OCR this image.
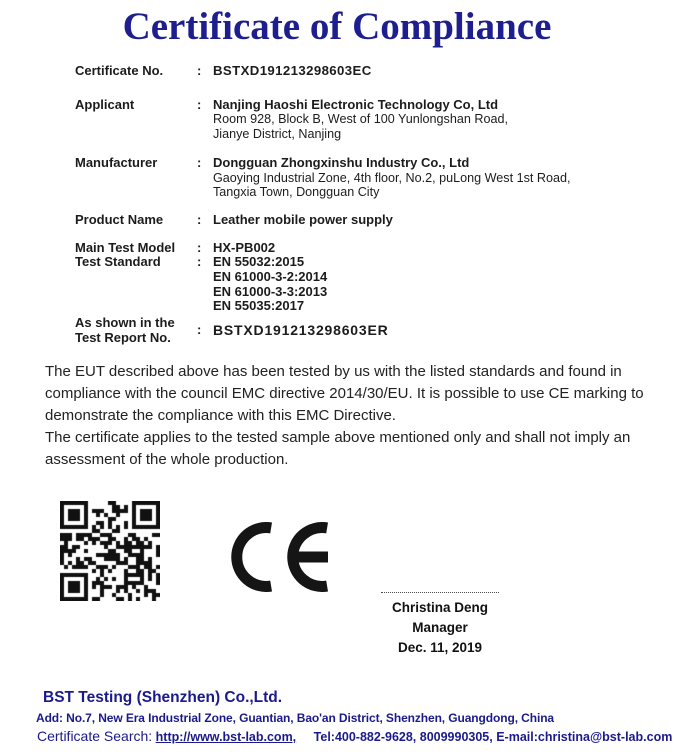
Certificate of Compliance
Certificate No.	: BSTXD191213298603EC
Applicant	: Nanjing Haoshi Electronic Technology Co, Ltd
Room 928, Block B, West of 100 Yunlongshan Road,
Jianye District, Nanjing
Manufacturer	: Dongguan Zhongxinshu Industry Co., Ltd
Gaoying Industrial Zone, 4th floor, No.2, puLong West 1st Road,
Tangxia Town, Dongguan City
Product Name	: Leather mobile power supply
Main Test Model	: HX-PB002
Test Standard	: EN 55032:2015
EN 61000-3-2:2014
EN 61000-3-3:2013
EN 55035:2017
As shown in the
Test Report No.	: BSTXD191213298603ER
The EUT described above has been tested by us with the listed standards and found in compliance with the council EMC directive 2014/30/EU. It is possible to use CE marking to demonstrate the compliance with this EMC Directive.
The certificate applies to the tested sample above mentioned only and shall not imply an assessment of the whole production.
Christina Deng
Manager
Dec. 11, 2019
BST Testing (Shenzhen) Co.,Ltd.
Add: No.7, New Era Industrial Zone, Guantian, Bao'an District, Shenzhen, Guangdong, China
Certificate Search: http://www.bst-lab.com, Tel:400-882-9628, 8009990305, E-mail:christina@bst-lab.com
